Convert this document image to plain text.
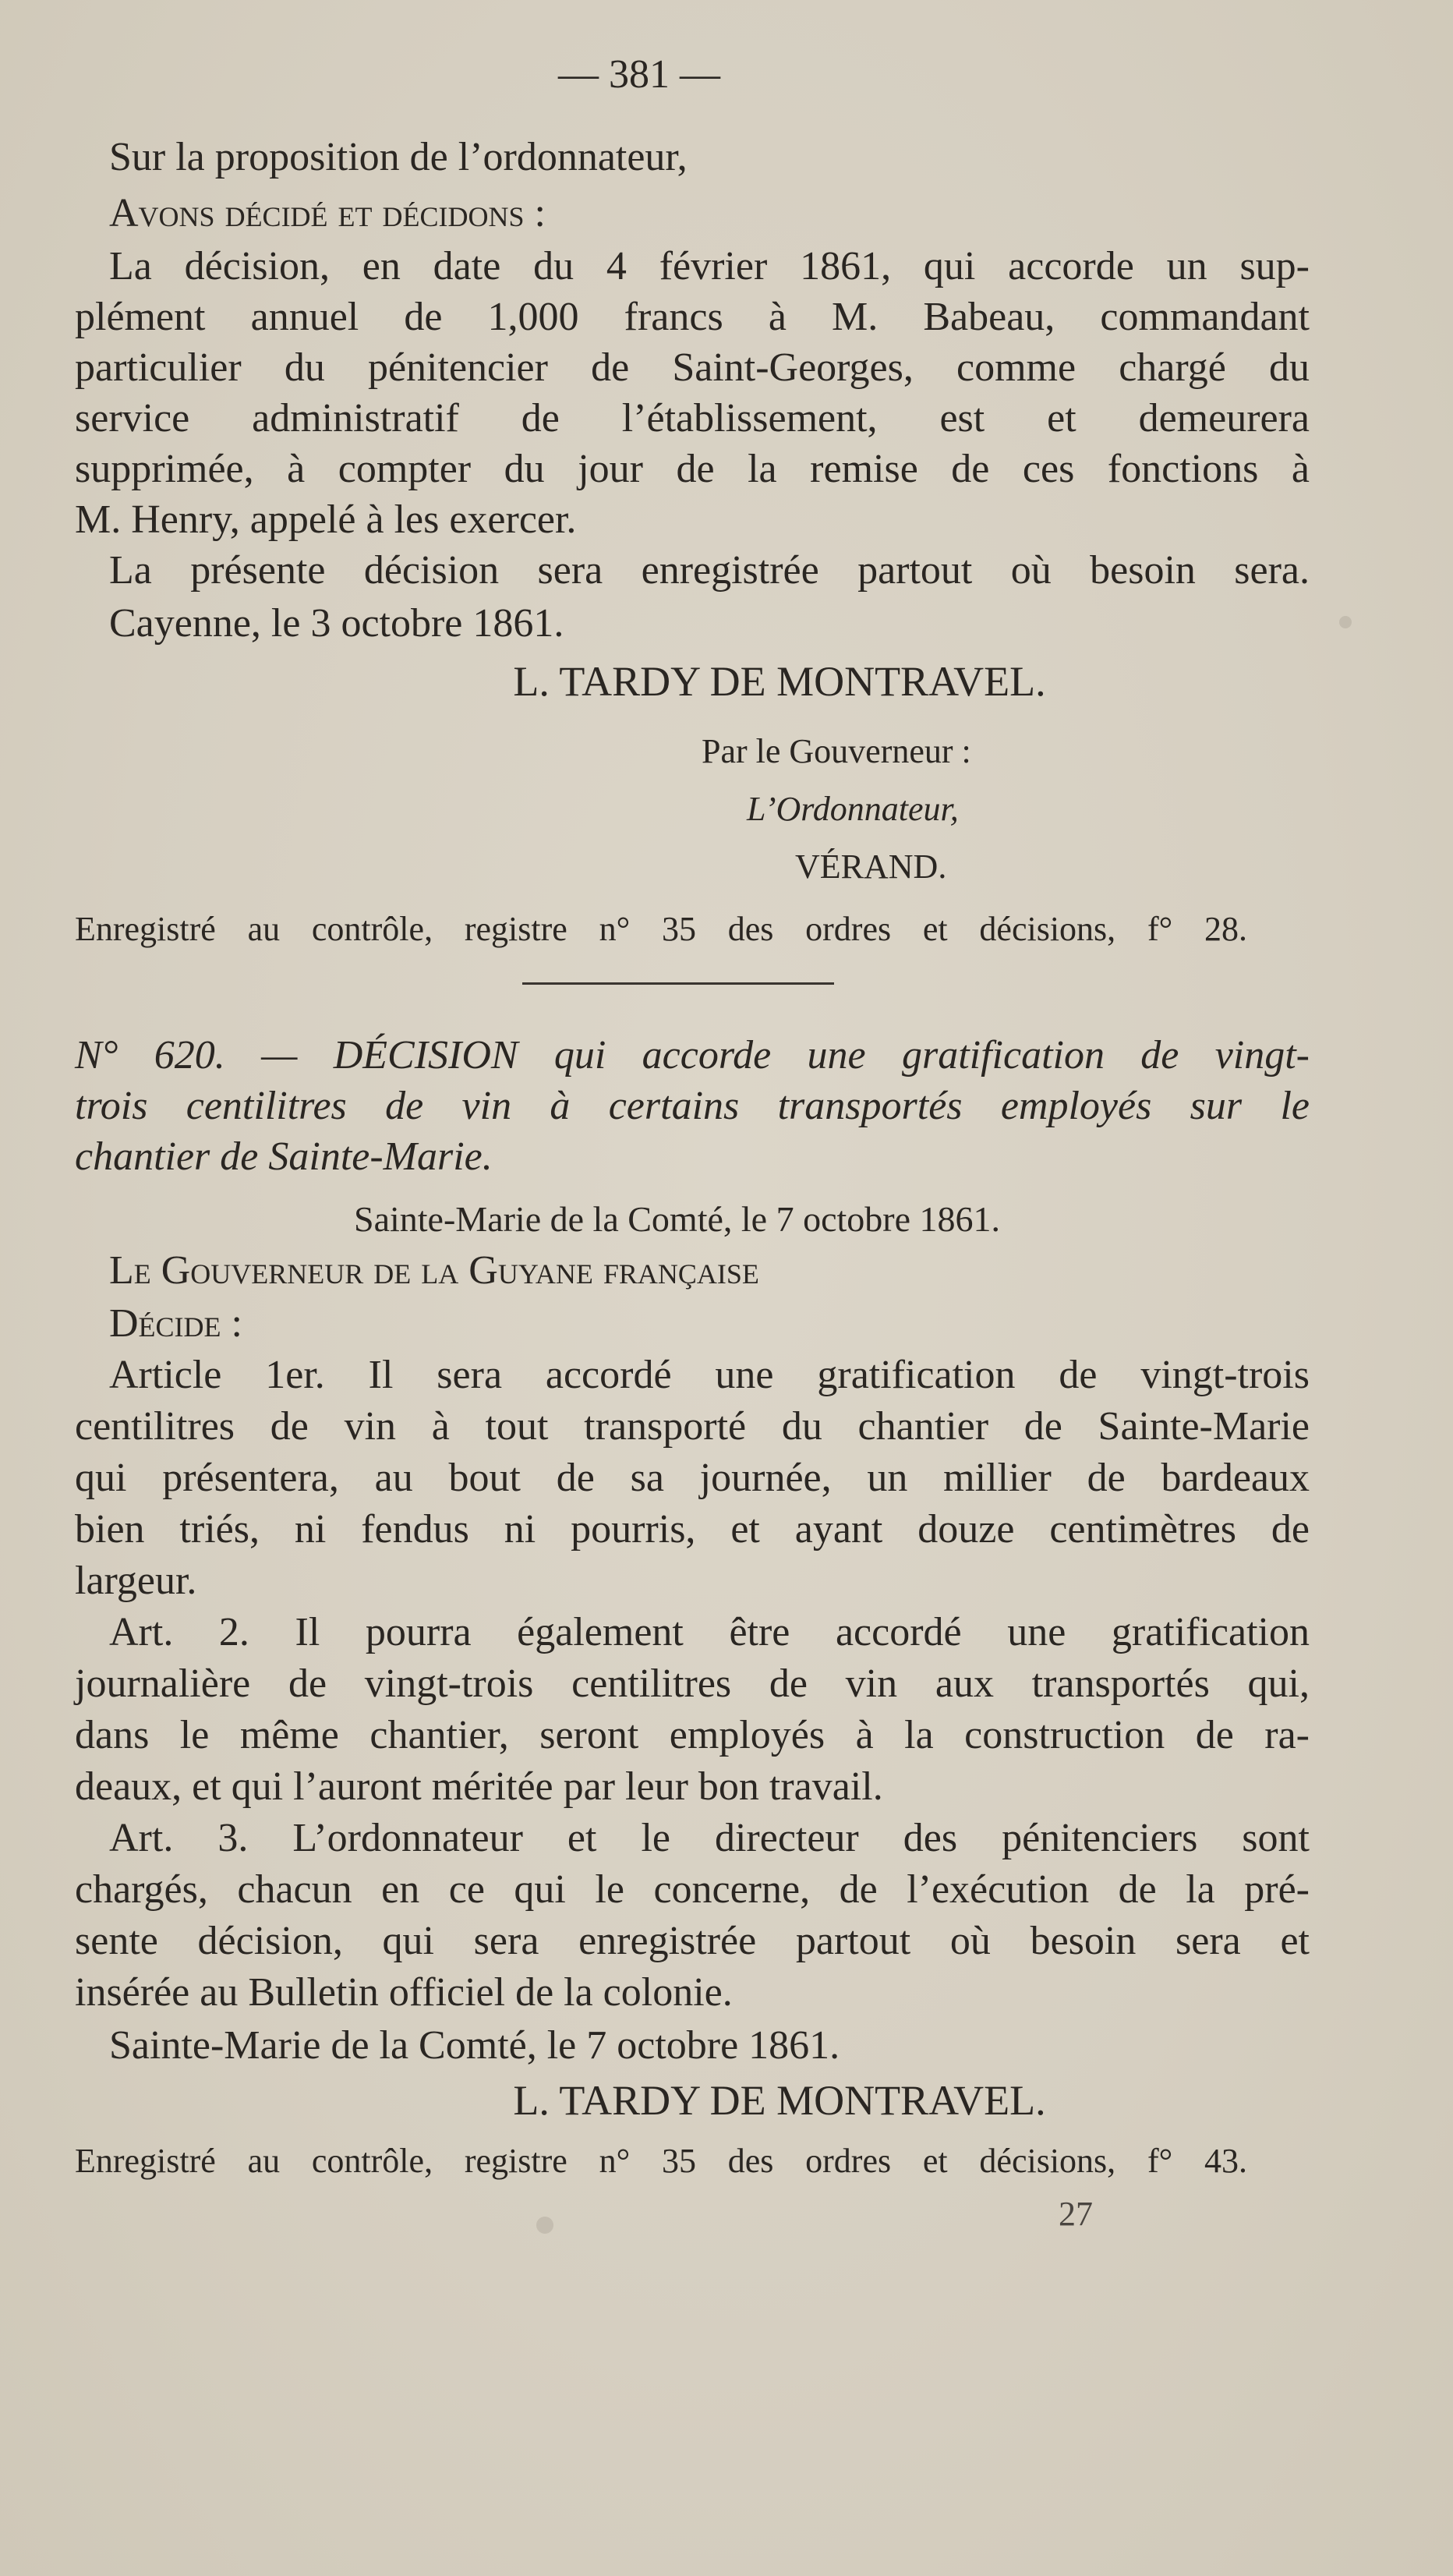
— 381 —
Sur la proposition de l’ordonnateur,
Avons décidé et décidons :
La décision, en date du 4 février 1861, qui accorde un sup-
plément annuel de 1,000 francs à M. Babeau, commandant
particulier du pénitencier de Saint-Georges, comme chargé du
service administratif de l’établissement, est et demeurera
supprimée, à compter du jour de la remise de ces fonctions à
M. Henry, appelé à les exercer.
La présente décision sera enregistrée partout où besoin sera.
Cayenne, le 3 octobre 1861.
L. TARDY DE MONTRAVEL.
Par le Gouverneur :
L’Ordonnateur,
VÉRAND.
Enregistré au contrôle, registre n° 35 des ordres et décisions, f° 28.
N° 620. — DÉCISION qui accorde une gratification de vingt-
trois centilitres de vin à certains transportés employés sur le
chantier de Sainte-Marie.
Sainte-Marie de la Comté, le 7 octobre 1861.
Le Gouverneur de la Guyane française
Décide :
Article 1er. Il sera accordé une gratification de vingt-trois
centilitres de vin à tout transporté du chantier de Sainte-Marie
qui présentera, au bout de sa journée, un millier de bardeaux
bien triés, ni fendus ni pourris, et ayant douze centimètres de
largeur.
Art. 2. Il pourra également être accordé une gratification
journalière de vingt-trois centilitres de vin aux transportés qui,
dans le même chantier, seront employés à la construction de ra-
deaux, et qui l’auront méritée par leur bon travail.
Art. 3. L’ordonnateur et le directeur des pénitenciers sont
chargés, chacun en ce qui le concerne, de l’exécution de la pré-
sente décision, qui sera enregistrée partout où besoin sera et
insérée au Bulletin officiel de la colonie.
Sainte-Marie de la Comté, le 7 octobre 1861.
L. TARDY DE MONTRAVEL.
Enregistré au contrôle, registre n° 35 des ordres et décisions, f° 43.
27
